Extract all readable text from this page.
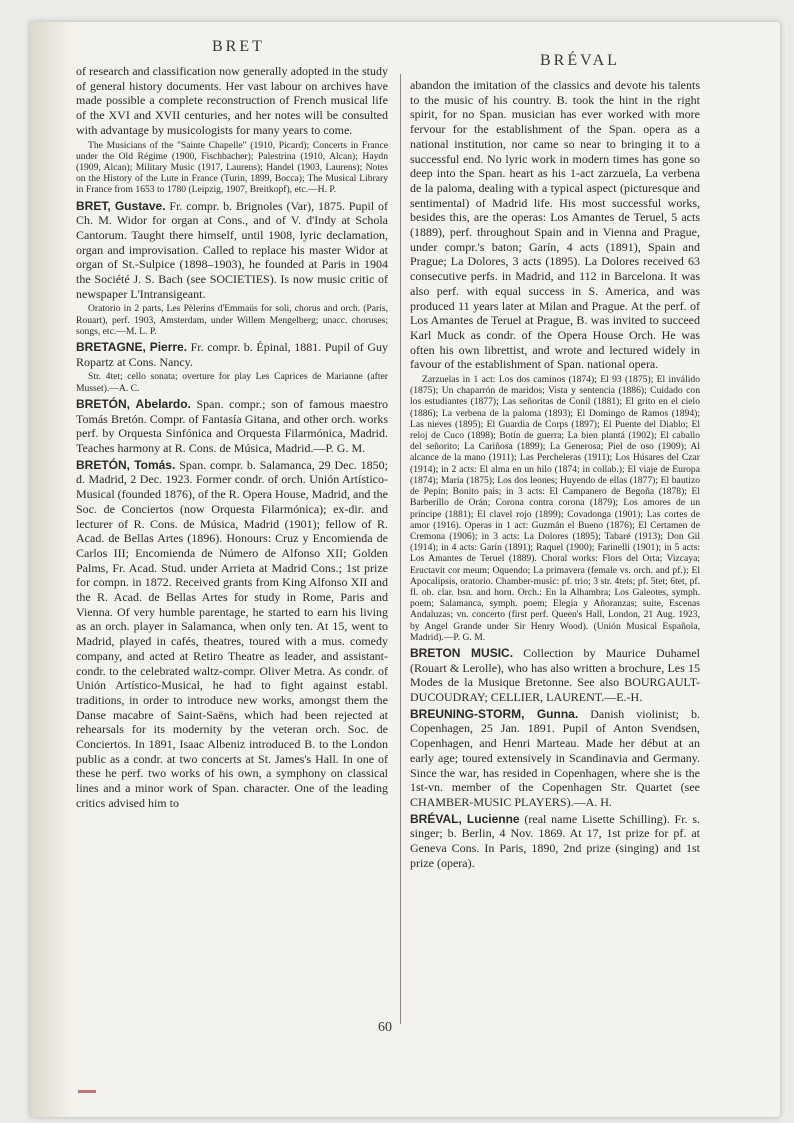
BRET
BRÉVAL

of research and classification now generally adopted in the study of general history documents. Her vast labour on archives have made possible a complete reconstruction of French musical life of the XVI and XVII centuries, and her notes will be consulted with advantage by musicologists for many years to come.

The Musicians of the "Sainte Chapelle" (1910, Picard); Concerts in France under the Old Régime (1900, Fischbacher); Palestrina (1910, Alcan); Haydn (1909, Alcan); Military Music (1917, Laurens); Handel (1903, Laurens); Notes on the History of the Lute in France (Turin, 1899, Bocca); The Musical Library in France from 1653 to 1780 (Leipzig, 1907, Breitkopf), etc.—H. P.

BRET, Gustave. Fr. compr. b. Brignoles (Var), 1875. Pupil of Ch. M. Widor for organ at Cons., and of V. d'Indy at Schola Cantorum. Taught there himself, until 1908, lyric declamation, organ and improvisation. Called to replace his master Widor at organ of St.-Sulpice (1898–1903), he founded at Paris in 1904 the Société J. S. Bach (see SOCIETIES). Is now music critic of newspaper L'Intransigeant.

Oratorio in 2 parts, Les Pèlerins d'Emmaüs for soli, chorus and orch. (Paris, Rouart), perf. 1903, Amsterdam, under Willem Mengelberg; unacc. choruses; songs, etc.—M. L. P.

BRETAGNE, Pierre. Fr. compr. b. Épinal, 1881. Pupil of Guy Ropartz at Cons. Nancy.

Str. 4tet; cello sonata; overture for play Les Caprices de Marianne (after Musset).—A. C.

BRETÓN, Abelardo. Span. compr.; son of famous maestro Tomás Bretón. Compr. of Fantasía Gitana, and other orch. works perf. by Orquesta Sinfónica and Orquesta Filarmónica, Madrid. Teaches harmony at R. Cons. de Música, Madrid.—P. G. M.

BRETÓN, Tomás. Span. compr. b. Salamanca, 29 Dec. 1850; d. Madrid, 2 Dec. 1923. Former condr. of orch. Unión Artístico-Musical (founded 1876), of the R. Opera House, Madrid, and the Soc. de Conciertos (now Orquesta Filarmónica); ex-dir. and lecturer of R. Cons. de Música, Madrid (1901); fellow of R. Acad. de Bellas Artes (1896). Honours: Cruz y Encomienda de Carlos III; Encomienda de Número de Alfonso XII; Golden Palms, Fr. Acad. Stud. under Arrieta at Madrid Cons.; 1st prize for compn. in 1872. Received grants from King Alfonso XII and the R. Acad. de Bellas Artes for study in Rome, Paris and Vienna. Of very humble parentage, he started to earn his living as an orch. player in Salamanca, when only ten. At 15, went to Madrid, played in cafés, theatres, toured with a mus. comedy company, and acted at Retiro Theatre as leader, and assistant-condr. to the celebrated waltz-compr. Oliver Metra. As condr. of Unión Artístico-Musical, he had to fight against establ. traditions, in order to introduce new works, amongst them the Danse macabre of Saint-Saëns, which had been rejected at rehearsals for its modernity by the veteran orch. Soc. de Conciertos. In 1891, Isaac Albeniz introduced B. to the London public as a condr. at two concerts at St. James's Hall. In one of these he perf. two works of his own, a symphony on classical lines and a minor work of Span. character. One of the leading critics advised him to

abandon the imitation of the classics and devote his talents to the music of his country. B. took the hint in the right spirit, for no Span. musician has ever worked with more fervour for the establishment of the Span. opera as a national institution, nor came so near to bringing it to a successful end. No lyric work in modern times has gone so deep into the Span. heart as his 1-act zarzuela, La verbena de la paloma, dealing with a typical aspect (picturesque and sentimental) of Madrid life. His most successful works, besides this, are the operas: Los Amantes de Teruel, 5 acts (1889), perf. throughout Spain and in Vienna and Prague, under compr.'s baton; Garín, 4 acts (1891), Spain and Prague; La Dolores, 3 acts (1895). La Dolores received 63 consecutive perfs. in Madrid, and 112 in Barcelona. It was also perf. with equal success in S. America, and was produced 11 years later at Milan and Prague. At the perf. of Los Amantes de Teruel at Prague, B. was invited to succeed Karl Muck as condr. of the Opera House Orch. He was often his own librettist, and wrote and lectured widely in favour of the establishment of Span. national opera.

Zarzuelas in 1 act: Los dos caminos (1874); El 93 (1875); El inválido (1875); Un chaparrón de maridos; Vista y sentencia (1886); Cuidado con los estudiantes (1877); Las señoritas de Conil (1881); El grito en el cielo (1886); La verbena de la paloma (1893); El Domingo de Ramos (1894); Las nieves (1895); El Guardia de Corps (1897); El Puente del Diablo; El reloj de Cuco (1898); Botín de guerra; La bien plantá (1902); El caballo del señorito; La Cariñosa (1899); La Generosa; Piel de oso (1909); Al alcance de la mano (1911); Las Percheleras (1911); Los Húsares del Czar (1914); in 2 acts: El alma en un hilo (1874; in collab.); El viaje de Europa (1874); María (1875); Los dos leones; Huyendo de ellas (1877); El bautizo de Pepín; Bonito país; in 3 acts: El Campanero de Begoña (1878); El Barberillo de Orán; Corona contra corona (1879); Los amores de un príncipe (1881); El clavel rojo (1899); Covadonga (1901); Las cortes de amor (1916). Operas in 1 act: Guzmán el Bueno (1876); El Certamen de Cremona (1906); in 3 acts: La Dolores (1895); Tabaré (1913); Don Gil (1914); in 4 acts: Garín (1891); Raquel (1900); Farinelli (1901); in 5 acts: Los Amantes de Teruel (1889). Choral works: Flors del Orta; Vizcaya; Eructavit cor meum; Oquendo; La primavera (female vs. orch. and pf.); El Apocalipsis, oratorio. Chamber-music: pf. trio; 3 str. 4tets; pf. 5tet; 6tet, pf. fl. ob. clar. bsn. and horn. Orch.: En la Alhambra; Los Galeotes, symph. poem; Salamanca, symph. poem; Elegía y Añoranzas; suite, Escenas Andaluzas; vn. concerto (first perf. Queen's Hall, London, 21 Aug. 1923, by Angel Grande under Sir Henry Wood). (Unión Musical Española, Madrid).—P. G. M.

BRETON MUSIC. Collection by Maurice Duhamel (Rouart & Lerolle), who has also written a brochure, Les 15 Modes de la Musique Bretonne. See also BOURGAULT-DUCOUDRAY; CELLIER, LAURENT.—E.-H.

BREUNING-STORM, Gunna. Danish violinist; b. Copenhagen, 25 Jan. 1891. Pupil of Anton Svendsen, Copenhagen, and Henri Marteau. Made her début at an early age; toured extensively in Scandinavia and Germany. Since the war, has resided in Copenhagen, where she is the 1st-vn. member of the Copenhagen Str. Quartet (see CHAMBER-MUSIC PLAYERS).—A. H.

BRÉVAL, Lucienne (real name Lisette Schilling). Fr. s. singer; b. Berlin, 4 Nov. 1869. At 17, 1st prize for pf. at Geneva Cons. In Paris, 1890, 2nd prize (singing) and 1st prize (opera).

60
